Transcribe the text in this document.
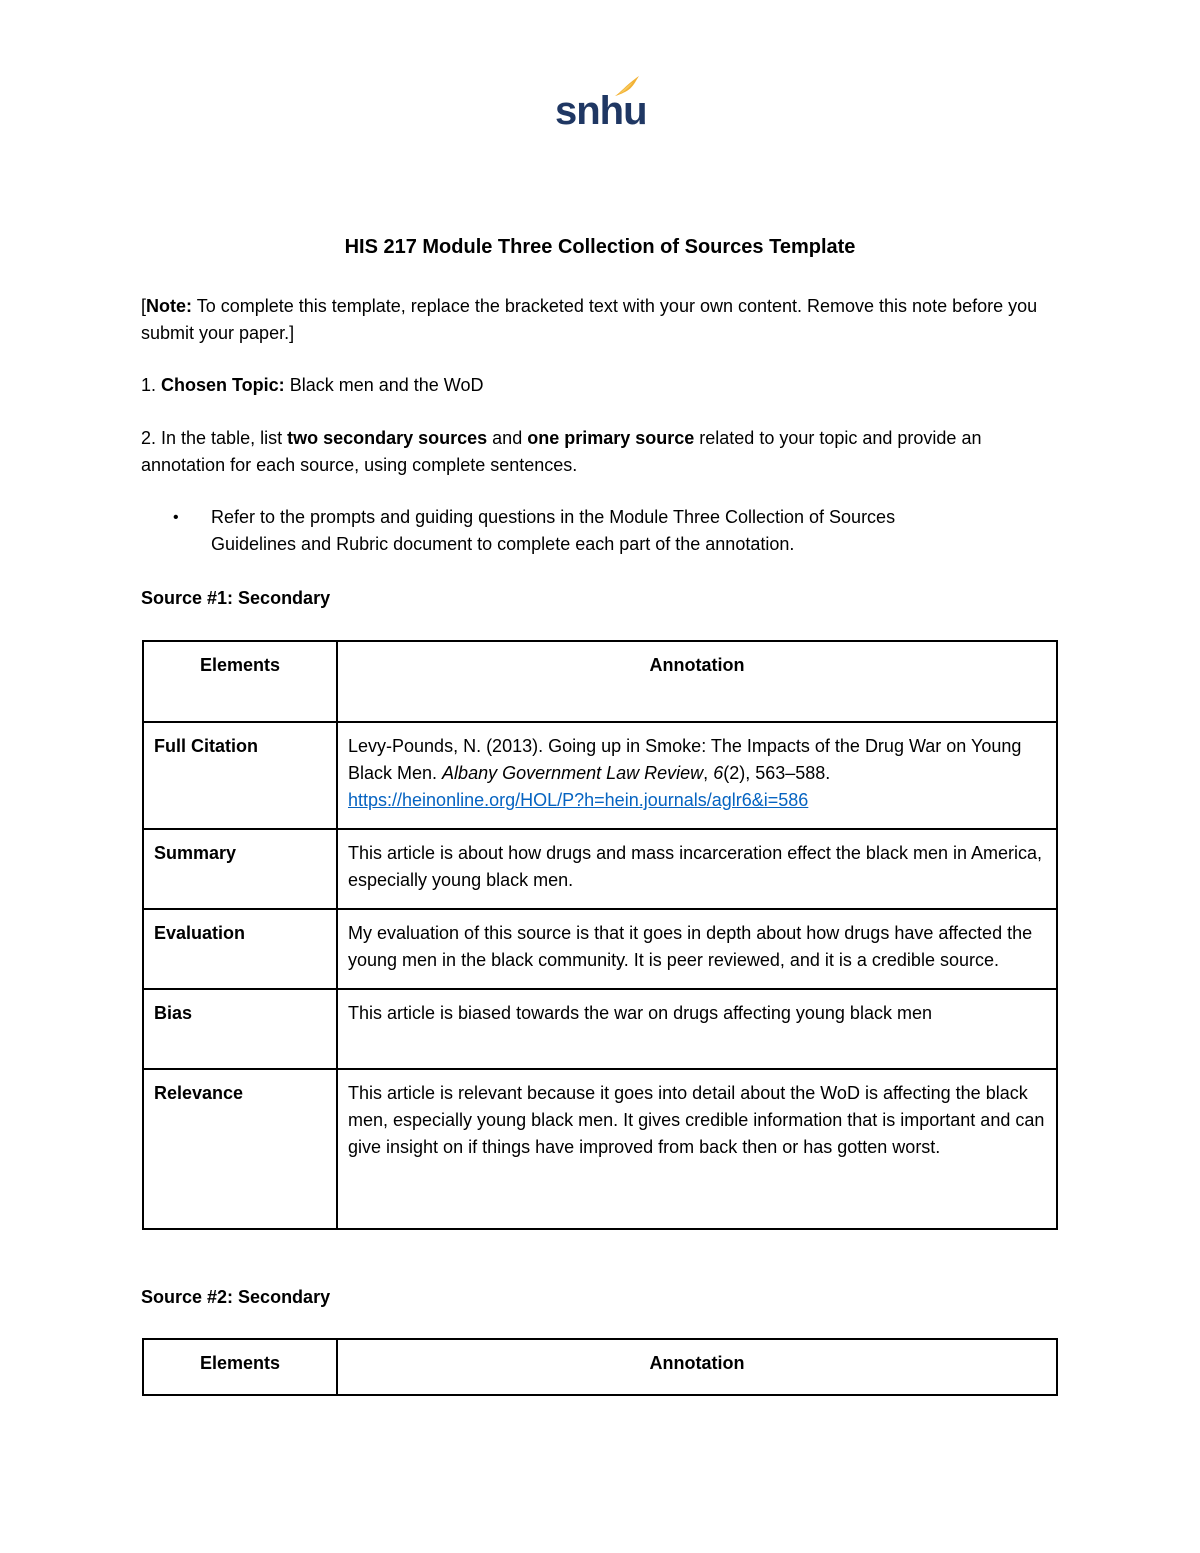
snhu
HIS 217 Module Three Collection of Sources Template
[Note: To complete this template, replace the bracketed text with your own content. Remove this note before you submit your paper.]
1. Chosen Topic: Black men and the WoD
2. In the table, list two secondary sources and one primary source related to your topic and provide an annotation for each source, using complete sentences.
• Refer to the prompts and guiding questions in the Module Three Collection of Sources Guidelines and Rubric document to complete each part of the annotation.
Source #1: Secondary
Elements	Annotation
Full Citation	Levy-Pounds, N. (2013). Going up in Smoke: The Impacts of the Drug War on Young Black Men. Albany Government Law Review, 6(2), 563–588.
https://heinonline.org/HOL/P?h=hein.journals/aglr6&i=586
Summary	This article is about how drugs and mass incarceration effect the black men in America, especially young black men.
Evaluation	My evaluation of this source is that it goes in depth about how drugs have affected the young men in the black community. It is peer reviewed, and it is a credible source.
Bias	This article is biased towards the war on drugs affecting young black men
Relevance	This article is relevant because it goes into detail about the WoD is affecting the black men, especially young black men. It gives credible information that is important and can give insight on if things have improved from back then or has gotten worst.
Source #2: Secondary
Elements	Annotation
